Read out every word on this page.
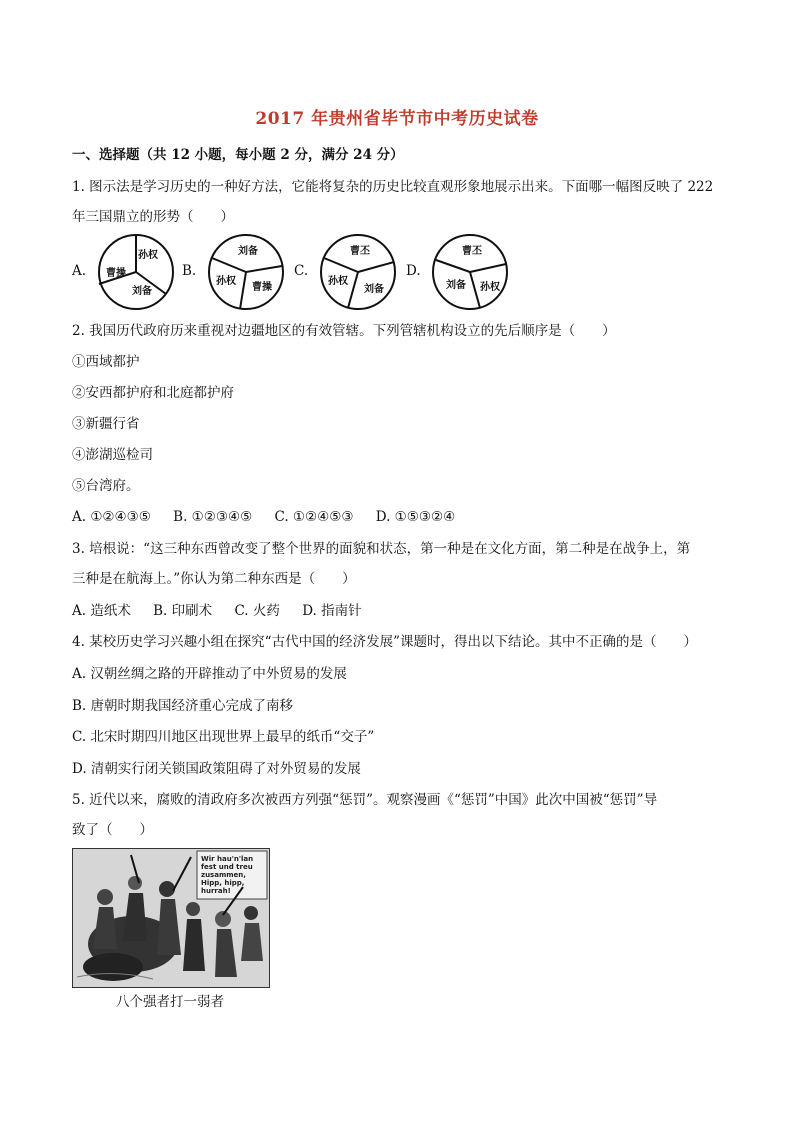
2017 年贵州省毕节市中考历史试卷
一、选择题（共 12 小题，每小题 2 分，满分 24 分）
1. 图示法是学习历史的一种好方法，它能将复杂的历史比较直观形象地展示出来。下面哪一幅图反映了 222
年三国鼎立的形势（　　）
A.
孙权
曹操
刘备
B.
刘备
孙权
曹操
C.
曹丕
孙权
刘备
D.
曹丕
刘备 孙权
2. 我国历代政府历来重视对边疆地区的有效管辖。下列管辖机构设立的先后顺序是（　　）
①西域都护
②安西都护府和北庭都护府
③新疆行省
④澎湖巡检司
⑤台湾府。
A. ①②④③⑤ B. ①②③④⑤ C. ①②④⑤③ D. ①⑤③②④
3. 培根说：“这三种东西曾改变了整个世界的面貌和状态，第一种是在文化方面，第二种是在战争上，第
三种是在航海上。”你认为第二种东西是（　　）
A. 造纸术 B. 印刷术 C. 火药 D. 指南针
4. 某校历史学习兴趣小组在探究“古代中国的经济发展”课题时，得出以下结论。其中不正确的是（　　）
A. 汉朝丝绸之路的开辟推动了中外贸易的发展
B. 唐朝时期我国经济重心完成了南移
C. 北宋时期四川地区出现世界上最早的纸币“交子”
D. 清朝实行闭关锁国政策阻碍了对外贸易的发展
5. 近代以来，腐败的清政府多次被西方列强“惩罚”。观察漫画《“惩罚”中国》此次中国被“惩罚”导
致了（　　）
Wir hau'n'lan
fest und treu
zusammen,
Hipp, hipp,
hurrah!
八个强者打一弱者
